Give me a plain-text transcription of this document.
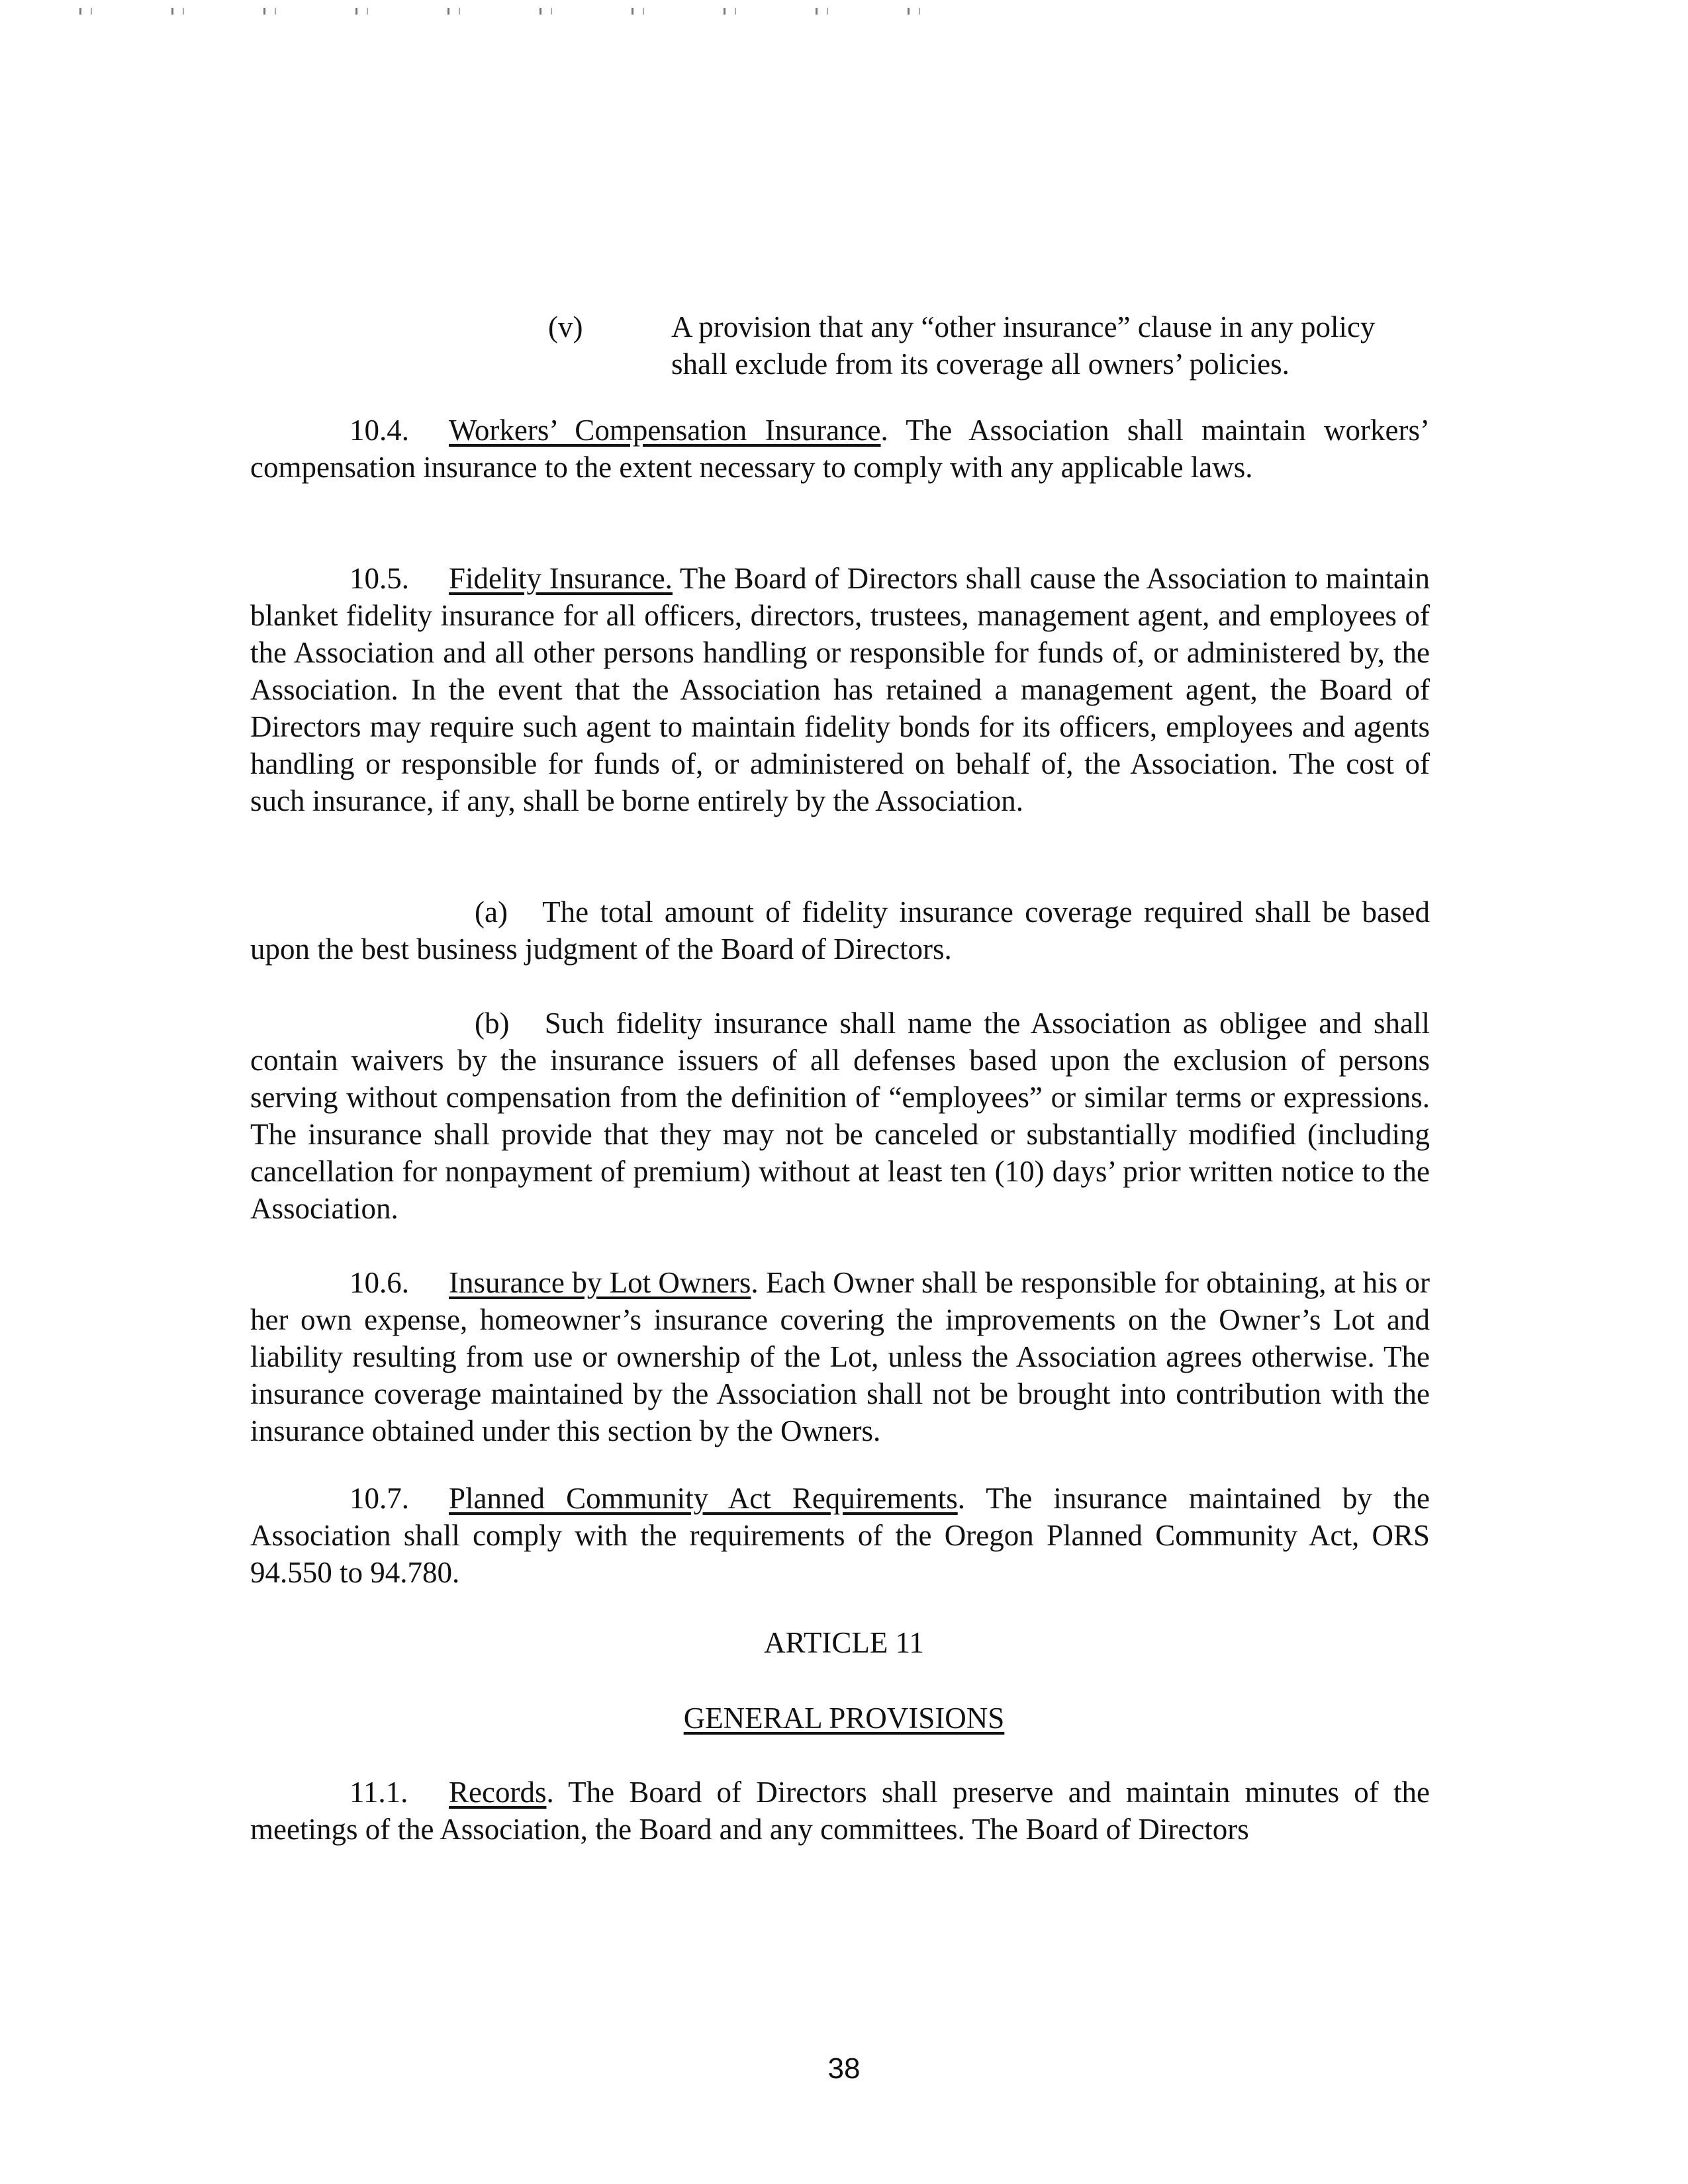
(v)	A provision that any “other insurance” clause in any policy shall exclude from its coverage all owners’ policies.

10.4. Workers’ Compensation Insurance. The Association shall maintain workers’ compensation insurance to the extent necessary to comply with any applicable laws.

10.5. Fidelity Insurance. The Board of Directors shall cause the Association to maintain blanket fidelity insurance for all officers, directors, trustees, management agent, and employees of the Association and all other persons handling or responsible for funds of, or administered by, the Association. In the event that the Association has retained a management agent, the Board of Directors may require such agent to maintain fidelity bonds for its officers, employees and agents handling or responsible for funds of, or administered on behalf of, the Association. The cost of such insurance, if any, shall be borne entirely by the Association.

(a) The total amount of fidelity insurance coverage required shall be based upon the best business judgment of the Board of Directors.

(b) Such fidelity insurance shall name the Association as obligee and shall contain waivers by the insurance issuers of all defenses based upon the exclusion of persons serving without compensation from the definition of “employees” or similar terms or expressions. The insurance shall provide that they may not be canceled or substantially modified (including cancellation for nonpayment of premium) without at least ten (10) days’ prior written notice to the Association.

10.6. Insurance by Lot Owners. Each Owner shall be responsible for obtaining, at his or her own expense, homeowner’s insurance covering the improvements on the Owner’s Lot and liability resulting from use or ownership of the Lot, unless the Association agrees otherwise. The insurance coverage maintained by the Association shall not be brought into contribution with the insurance obtained under this section by the Owners.

10.7. Planned Community Act Requirements. The insurance maintained by the Association shall comply with the requirements of the Oregon Planned Community Act, ORS 94.550 to 94.780.

ARTICLE 11

GENERAL PROVISIONS

11.1. Records. The Board of Directors shall preserve and maintain minutes of the meetings of the Association, the Board and any committees. The Board of Directors

38
